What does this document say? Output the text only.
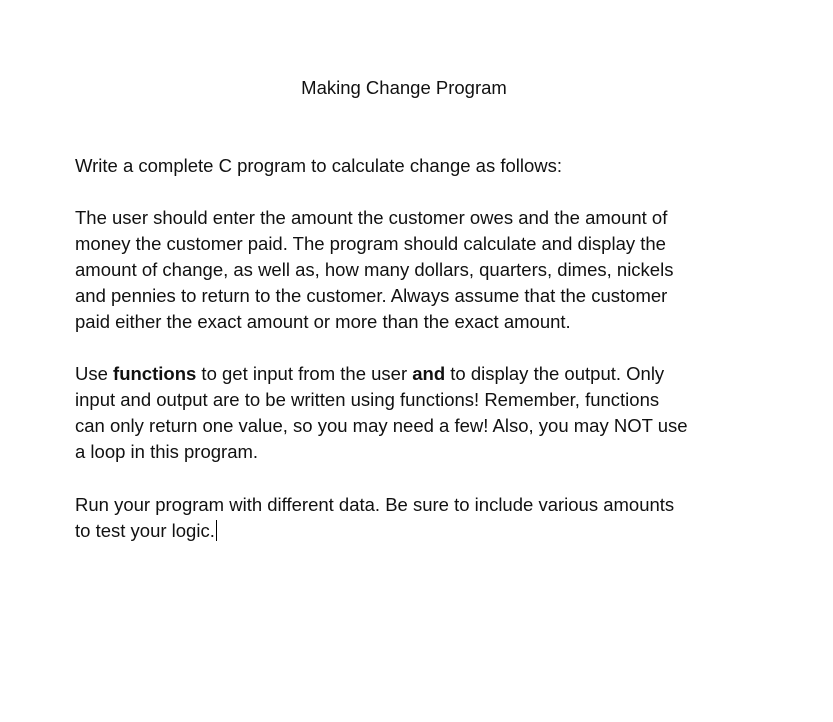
Making Change Program

Write a complete C program to calculate change as follows:

The user should enter the amount the customer owes and the amount of
money the customer paid. The program should calculate and display the
amount of change, as well as, how many dollars, quarters, dimes, nickels
and pennies to return to the customer. Always assume that the customer
paid either the exact amount or more than the exact amount.

Use functions to get input from the user and to display the output. Only
input and output are to be written using functions! Remember, functions
can only return one value, so you may need a few! Also, you may NOT use
a loop in this program.

Run your program with different data. Be sure to include various amounts
to test your logic.
